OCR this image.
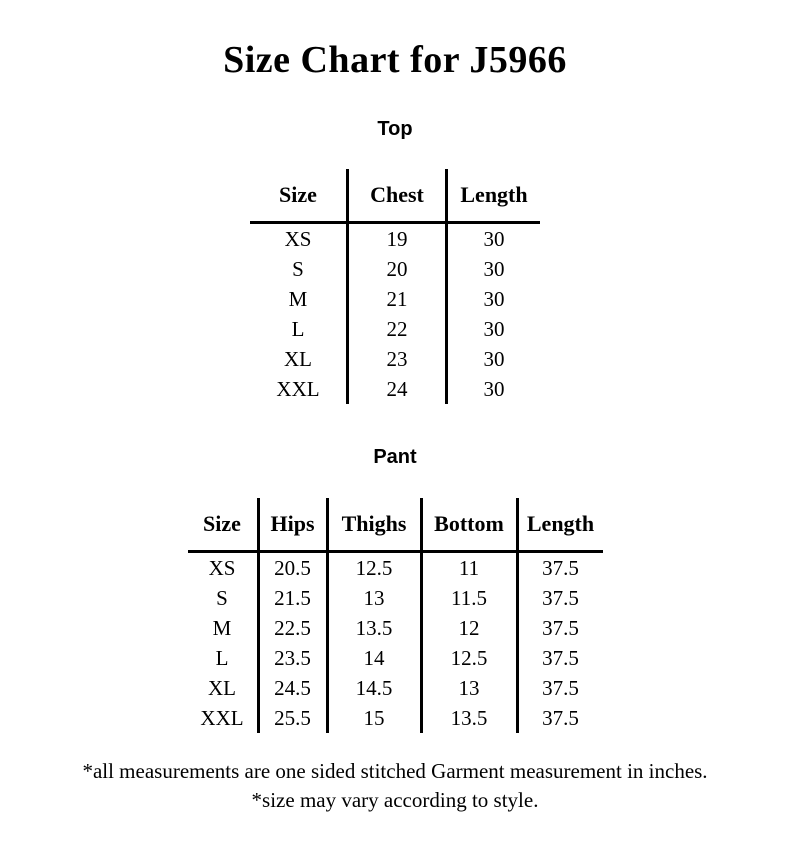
Size Chart for J5966
Top
Size	Chest	Length
XS	19	30
S	20	30
M	21	30
L	22	30
XL	23	30
XXL	24	30
Pant
Size	Hips	Thighs	Bottom	Length
XS	20.5	12.5	11	37.5
S	21.5	13	11.5	37.5
M	22.5	13.5	12	37.5
L	23.5	14	12.5	37.5
XL	24.5	14.5	13	37.5
XXL	25.5	15	13.5	37.5
*all measurements are one sided stitched Garment measurement in inches.
*size may vary according to style.
